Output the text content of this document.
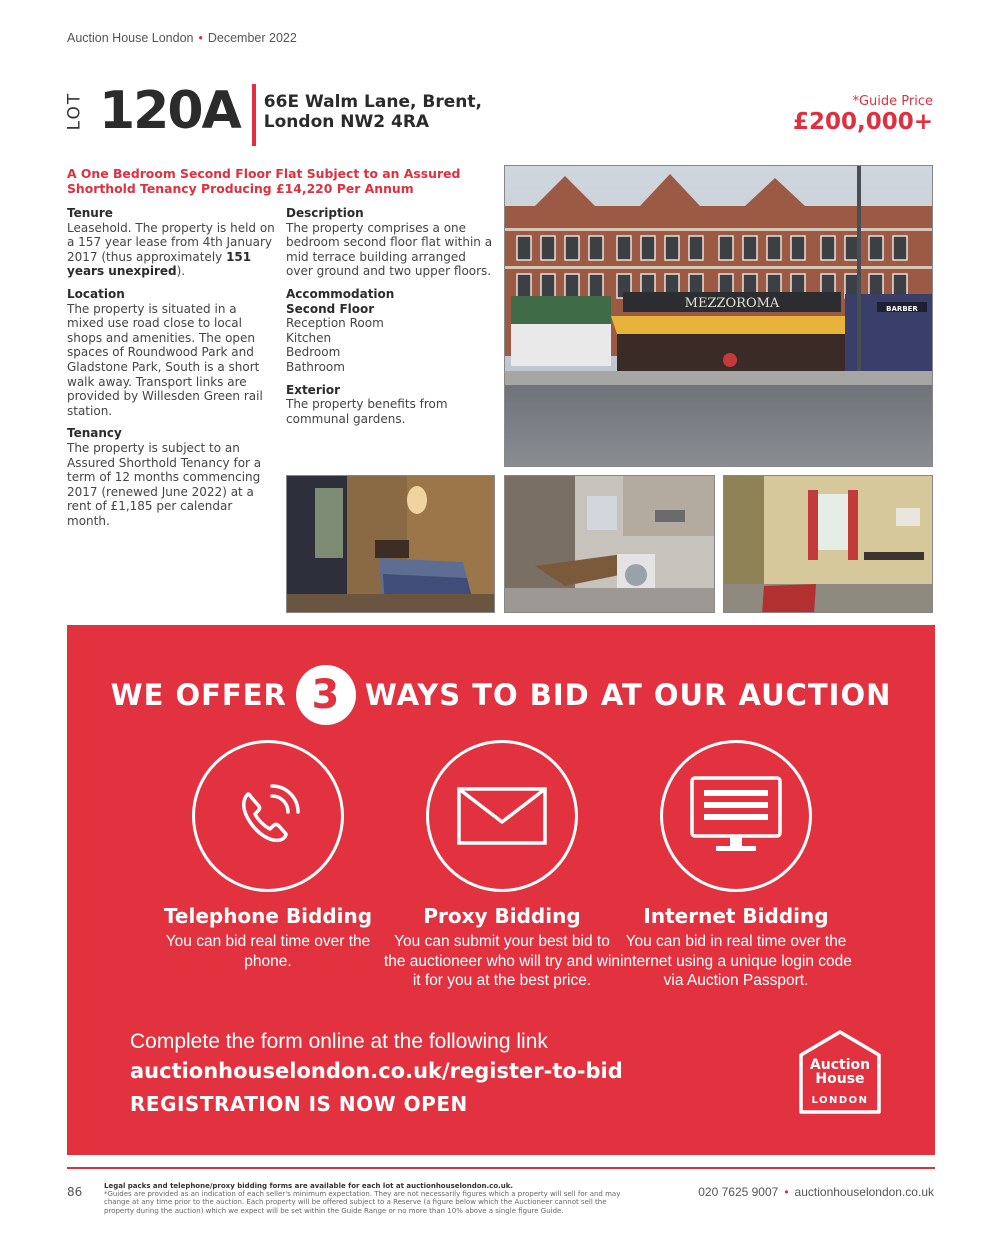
Auction House London • December 2022
LOT 120A 66E Walm Lane, Brent,
London NW2 4RA
*Guide Price
£200,000+
A One Bedroom Second Floor Flat Subject to an Assured Shorthold Tenancy Producing £14,220 Per Annum
Tenure
Leasehold. The property is held on a 157 year lease from 4th January 2017 (thus approximately 151 years unexpired).
Location
The property is situated in a mixed use road close to local shops and amenities. The open spaces of Roundwood Park and Gladstone Park, South is a short walk away. Transport links are provided by Willesden Green rail station.
Tenancy
The property is subject to an Assured Shorthold Tenancy for a term of 12 months commencing 2017 (renewed June 2022) at a rent of £1,185 per calendar month.
Description
The property comprises a one bedroom second floor flat within a mid terrace building arranged over ground and two upper floors.
Accommodation
Second Floor
Reception Room
Kitchen
Bedroom
Bathroom
Exterior
The property benefits from communal gardens.
MEZZOROMA	BARBER
WE OFFER 3 WAYS TO BID AT OUR AUCTION
Telephone Bidding
You can bid real time over the phone.
Proxy Bidding
You can submit your best bid to the auctioneer who will try and win it for you at the best price.
Internet Bidding
You can bid in real time over the internet using a unique login code via Auction Passport.
Complete the form online at the following link
auctionhouselondon.co.uk/register-to-bid
REGISTRATION IS NOW OPEN
Auction
House
LONDON
86	Legal packs and telephone/proxy bidding forms are available for each lot at auctionhouselondon.co.uk.
*Guides are provided as an indication of each seller's minimum expectation. They are not necessarily figures which a property will sell for and may change at any time prior to the auction. Each property will be offered subject to a Reserve (a figure below which the Auctioneer cannot sell the property during the auction) which we expect will be set within the Guide Range or no more than 10% above a single figure Guide.
020 7625 9007 • auctionhouselondon.co.uk
